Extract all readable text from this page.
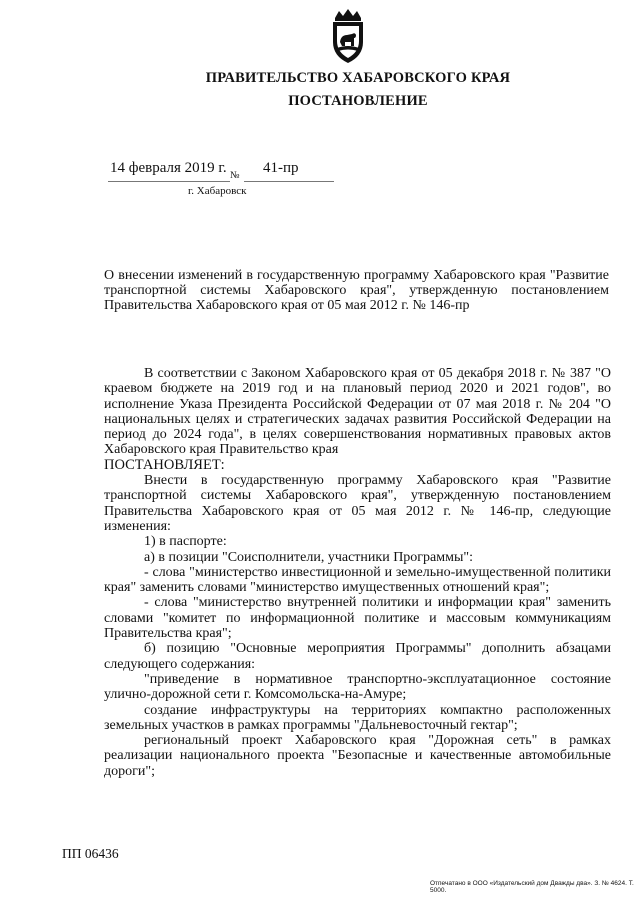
ПРАВИТЕЛЬСТВО ХАБАРОВСКОГО КРАЯ
ПОСТАНОВЛЕНИЕ
14 февраля 2019 г. № 41-пр
г. Хабаровск
О внесении изменений в государственную программу Хабаровского края "Развитие транспортной системы Хабаровского края", утвержденную постановлением Правительства Хабаровского края от 05 мая 2012 г. № 146-пр

В соответствии с Законом Хабаровского края от 05 декабря 2018 г. № 387 "О краевом бюджете на 2019 год и на плановый период 2020 и 2021 годов", во исполнение Указа Президента Российской Федерации от 07 мая 2018 г. № 204 "О национальных целях и стратегических задачах развития Российской Федерации на период до 2024 года", в целях совершенствования нормативных правовых актов Хабаровского края Правительство края

ПОСТАНОВЛЯЕТ:

Внести в государственную программу Хабаровского края "Развитие транспортной системы Хабаровского края", утвержденную постановлением Правительства Хабаровского края от 05 мая 2012 г. № 146-пр, следующие изменения:

1) в паспорте:

а) в позиции "Соисполнители, участники Программы":

- слова "министерство инвестиционной и земельно-имущественной политики края" заменить словами "министерство имущественных отношений края";

- слова "министерство внутренней политики и информации края" заменить словами "комитет по информационной политике и массовым коммуникациям Правительства края";

б) позицию "Основные мероприятия Программы" дополнить абзацами следующего содержания:

"приведение в нормативное транспортно-эксплуатационное состояние улично-дорожной сети г. Комсомольска-на-Амуре;

создание инфраструктуры на территориях компактно расположенных земельных участков в рамках программы "Дальневосточный гектар";

региональный проект Хабаровского края "Дорожная сеть" в рамках реализации национального проекта "Безопасные и качественные автомобильные дороги";

ПП 06436
Отпечатано в ООО «Издательский дом Дважды два». З. № 4624. Т. 5000.
